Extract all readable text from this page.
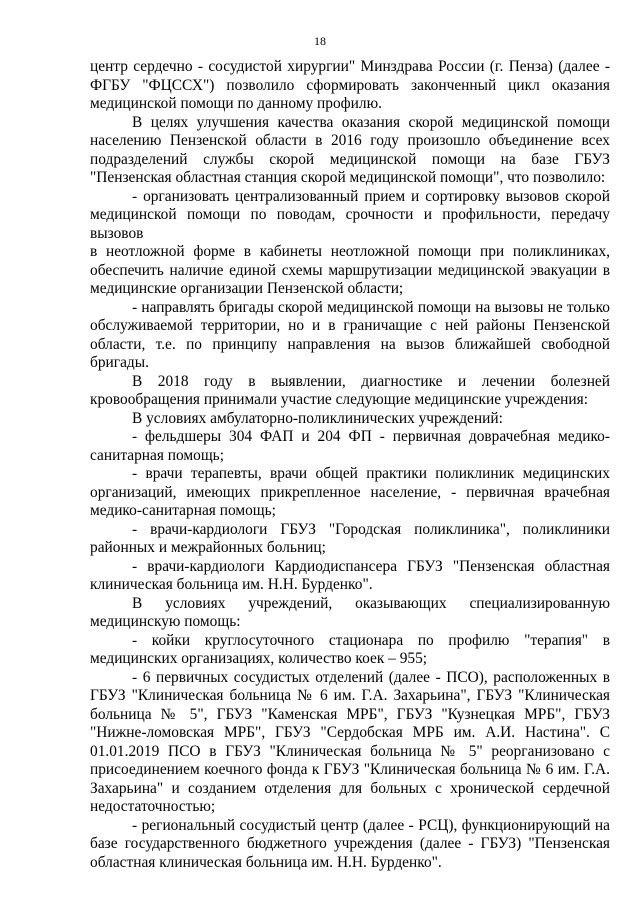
18

центр сердечно - сосудистой хирургии" Минздрава России (г. Пенза) (далее - ФГБУ "ФЦССХ") позволило сформировать законченный цикл оказания медицинской помощи по данному профилю.

В целях улучшения качества оказания скорой медицинской помощи населению Пензенской области в 2016 году произошло объединение всех подразделений службы скорой медицинской помощи на базе ГБУЗ "Пензенская областная станция скорой медицинской помощи", что позволило:

- организовать централизованный прием и сортировку вызовов скорой медицинской помощи по поводам, срочности и профильности, передачу вызовов

в неотложной форме в кабинеты неотложной помощи при поликлиниках, обеспечить наличие единой схемы маршрутизации медицинской эвакуации в медицинские организации Пензенской области;

- направлять бригады скорой медицинской помощи на вызовы не только обслуживаемой территории, но и в граничащие с ней районы Пензенской области, т.е. по принципу направления на вызов ближайшей свободной бригады.

В 2018 году в выявлении, диагностике и лечении болезней кровообращения принимали участие следующие медицинские учреждения:

В условиях амбулаторно-поликлинических учреждений:

- фельдшеры 304 ФАП и 204 ФП - первичная доврачебная медико-санитарная помощь;

- врачи терапевты, врачи общей практики поликлиник медицинских организаций, имеющих прикрепленное население, - первичная врачебная медико-санитарная помощь;

- врачи-кардиологи ГБУЗ "Городская поликлиника", поликлиники районных и межрайонных больниц;

- врачи-кардиологи Кардиодиспансера ГБУЗ "Пензенская областная клиническая больница им. Н.Н. Бурденко".

В условиях учреждений, оказывающих специализированную медицинскую помощь:

- койки круглосуточного стационара по профилю "терапия" в медицинских организациях, количество коек – 955;

- 6 первичных сосудистых отделений (далее - ПСО), расположенных в ГБУЗ "Клиническая больница № 6 им. Г.А. Захарьина", ГБУЗ "Клиническая больница № 5", ГБУЗ "Каменская МРБ", ГБУЗ "Кузнецкая МРБ", ГБУЗ "Нижне-ломовская МРБ", ГБУЗ "Сердобская МРБ им. А.И. Настина". С 01.01.2019 ПСО в ГБУЗ "Клиническая больница № 5" реорганизовано с присоединением коечного фонда к ГБУЗ "Клиническая больница № 6 им. Г.А. Захарьина" и созданием отделения для больных с хронической сердечной недостаточностью;

- региональный сосудистый центр (далее - РСЦ), функционирующий на базе государственного бюджетного учреждения (далее - ГБУЗ) "Пензенская областная клиническая больница им. Н.Н. Бурденко".
